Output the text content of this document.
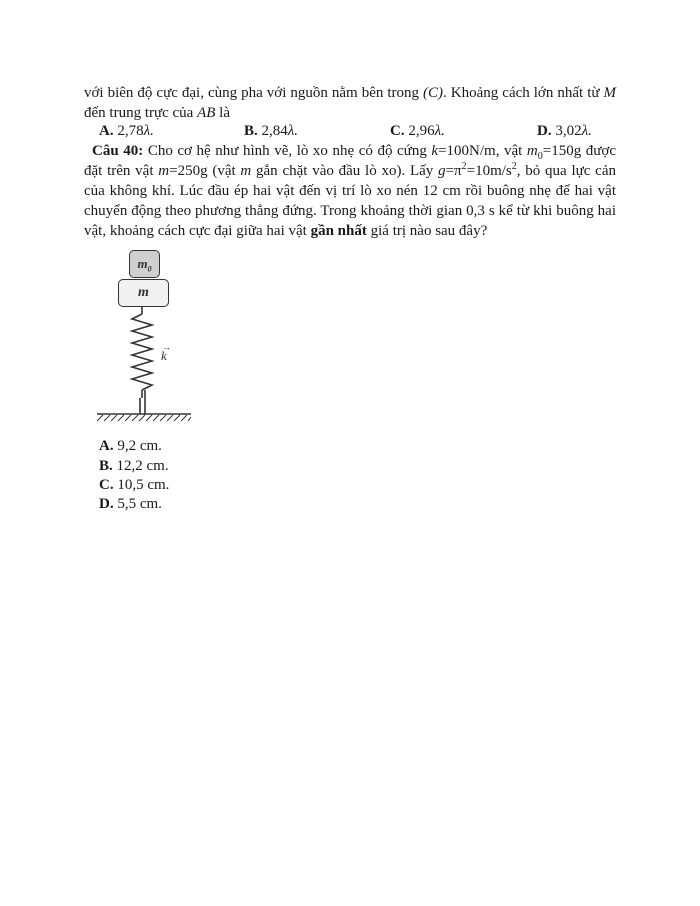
với biên độ cực đại, cùng pha với nguồn nằm bên trong (C). Khoảng cách lớn nhất từ M
đến trung trực của AB là
A. 2,78λ.	B. 2,84λ.	C. 2,96λ.	D. 3,02λ.
Câu 40: Cho cơ hệ như hình vẽ, lò xo nhẹ có độ cứng k=100N/m, vật $m_0=150g$ được
đặt trên vật m=250g (vật m gắn chặt vào đầu lò xo). Lấy $g=\pi^2=10m/s^2$, bỏ qua lực cản
của không khí. Lúc đầu ép hai vật đến vị trí lò xo nén 12 cm rồi buông nhẹ để hai vật
chuyển động theo phương thẳng đứng. Trong khoảng thời gian 0,3 s kể từ khi buông hai
vật, khoảng cách cực đại giữa hai vật gần nhất giá trị nào sau đây?
$m_0$
m
→
k
A. 9,2 cm.
B. 12,2 cm.
C. 10,5 cm.
D. 5,5 cm.
